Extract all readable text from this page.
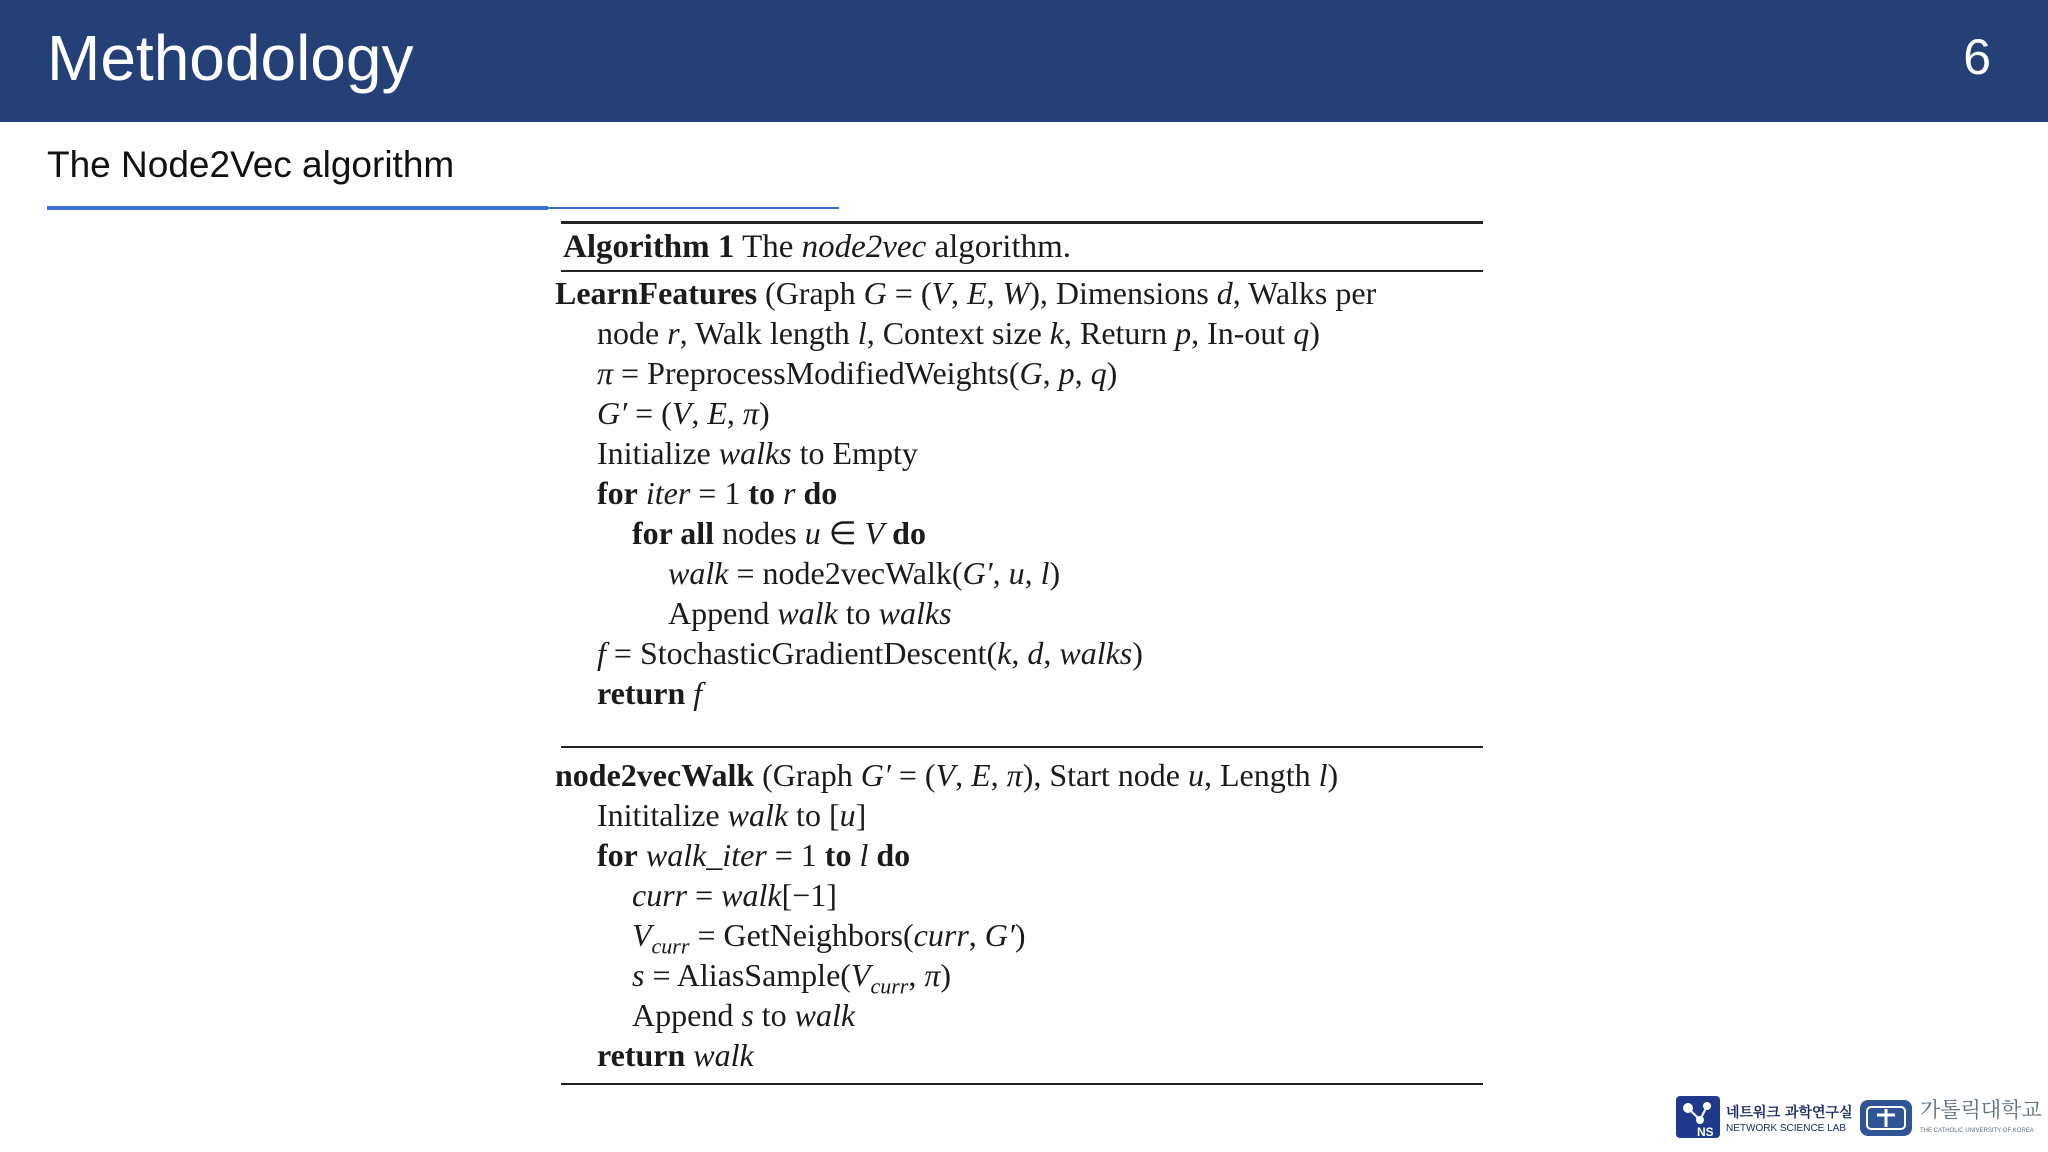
Methodology	6
The Node2Vec algorithm
Algorithm 1 The node2vec algorithm.
LearnFeatures (Graph G = (V, E, W), Dimensions d, Walks per
node r, Walk length l, Context size k, Return p, In-out q)
π = PreprocessModifiedWeights(G, p, q)
G′ = (V, E, π)
Initialize walks to Empty
for iter = 1 to r do
for all nodes u ∈ V do
walk = node2vecWalk(G′, u, l)
Append walk to walks
f = StochasticGradientDescent(k, d, walks)
return f
node2vecWalk (Graph G′ = (V, E, π), Start node u, Length l)
Inititalize walk to [u]
for walk_iter = 1 to l do
curr = walk[−1]
$V_{curr}$ = GetNeighbors(curr, G′)
$s = AliasSample(V_{curr}$, π)
Append s to walk
return walk
NS
네트워크 과학연구실
NETWORK SCIENCE LAB
가톨릭대학교
THE CATHOLIC UNIVERSITY OF KOREA
